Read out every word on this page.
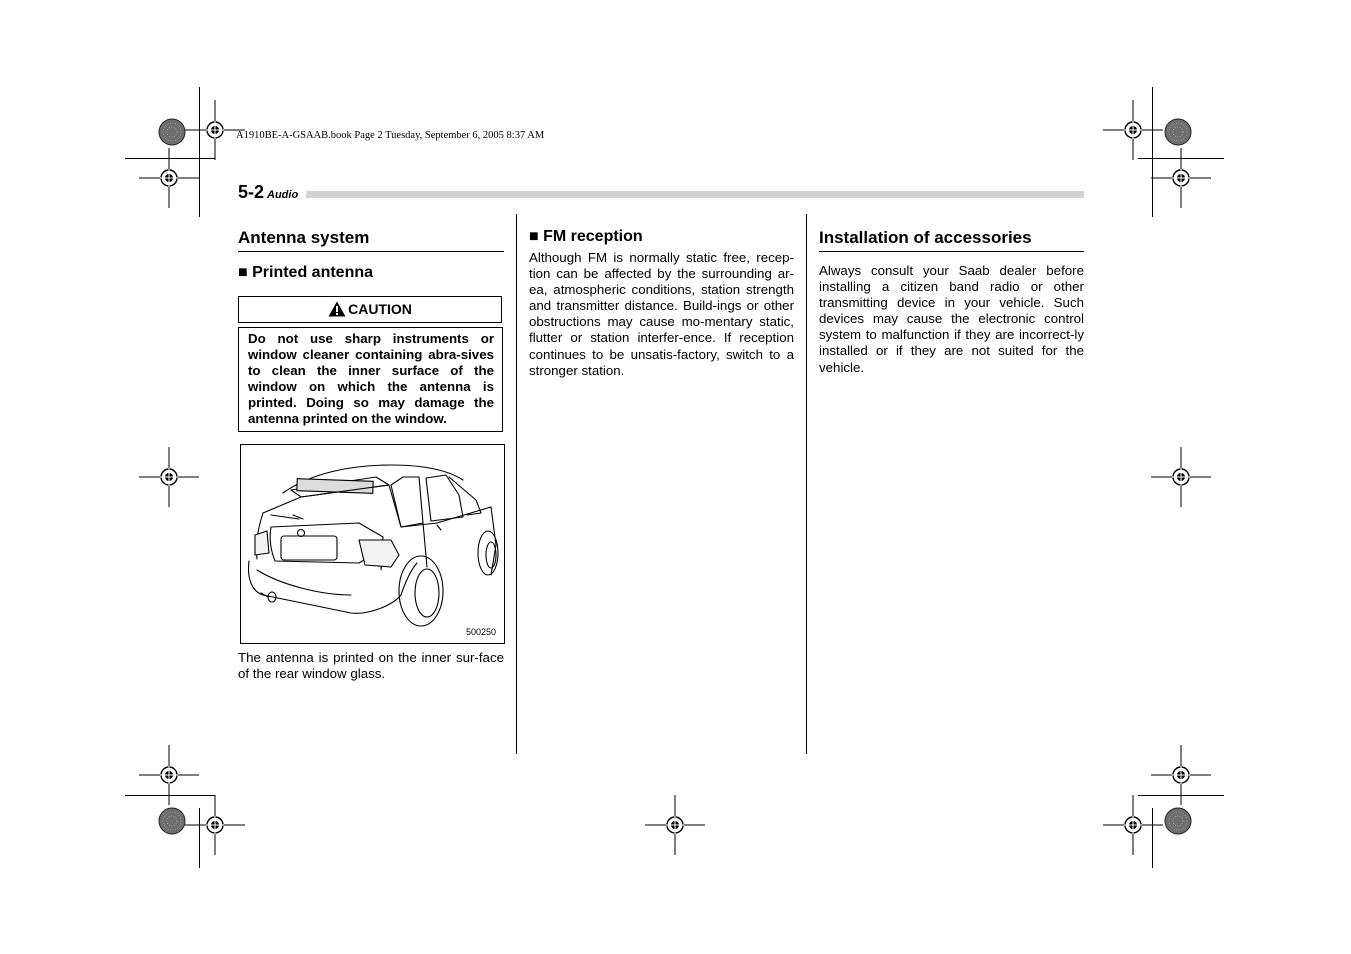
A1910BE-A-GSAAB.book Page 2 Tuesday, September 6, 2005 8:37 AM
5-2 Audio
Antenna system
■ Printed antenna
CAUTION
Do not use sharp instruments or window cleaner containing abra-sives to clean the inner surface of the window on which the antenna is printed. Doing so may damage the antenna printed on the window.
500250
The antenna is printed on the inner sur-face of the rear window glass.
■ FM reception
Although FM is normally static free, recep-tion can be affected by the surrounding ar-ea, atmospheric conditions, station strength and transmitter distance. Build-ings or other obstructions may cause mo-mentary static, flutter or station interfer-ence. If reception continues to be unsatis-factory, switch to a stronger station.
Installation of accessories
Always consult your Saab dealer before installing a citizen band radio or other transmitting device in your vehicle. Such devices may cause the electronic control system to malfunction if they are incorrect-ly installed or if they are not suited for the vehicle.
